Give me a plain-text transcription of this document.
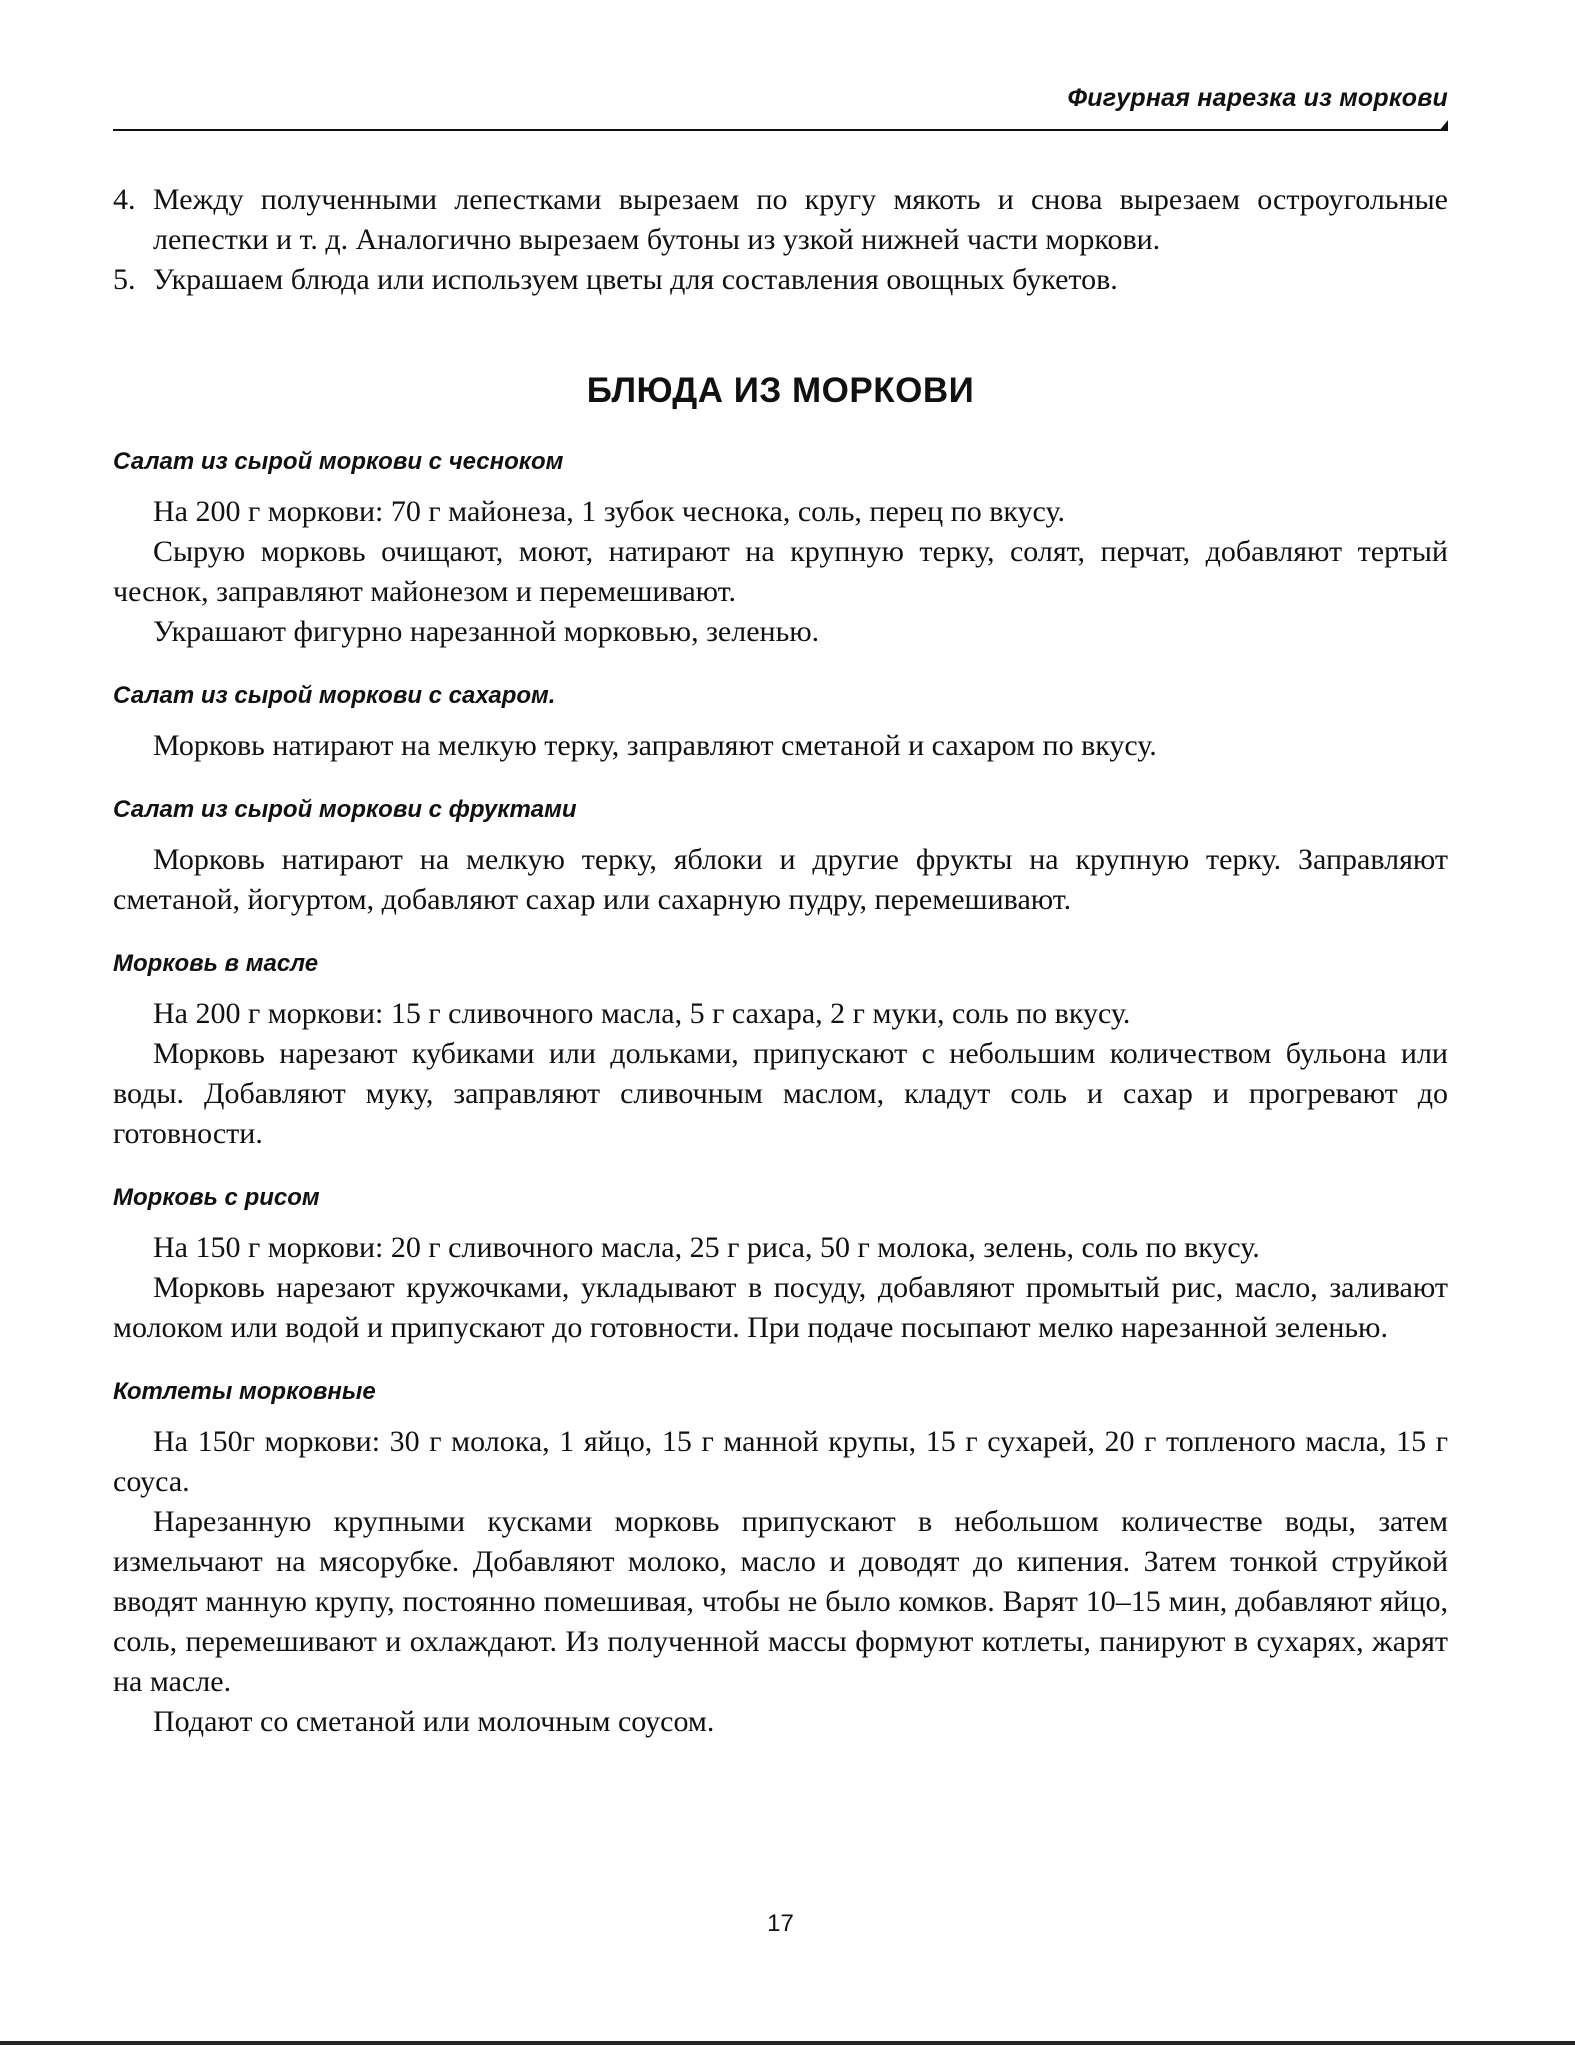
Фигурная нарезка из моркови
4. Между полученными лепестками вырезаем по кругу мякоть и снова вырезаем остроугольные лепестки и т. д. Аналогично вырезаем бутоны из узкой нижней части моркови.
5. Украшаем блюда или используем цветы для составления овощных букетов.
БЛЮДА ИЗ МОРКОВИ
Салат из сырой моркови с чесноком

На 200 г моркови: 70 г майонеза, 1 зубок чеснока, соль, перец по вкусу.

Сырую морковь очищают, моют, натирают на крупную терку, солят, перчат, добавляют тертый чеснок, заправляют майонезом и перемешивают.

Украшают фигурно нарезанной морковью, зеленью.

Салат из сырой моркови с сахаром.

Морковь натирают на мелкую терку, заправляют сметаной и сахаром по вкусу.

Салат из сырой моркови с фруктами

Морковь натирают на мелкую терку, яблоки и другие фрукты на крупную терку. Заправляют сметаной, йогуртом, добавляют сахар или сахарную пудру, перемешивают.

Морковь в масле

На 200 г моркови: 15 г сливочного масла, 5 г сахара, 2 г муки, соль по вкусу.

Морковь нарезают кубиками или дольками, припускают с небольшим количеством бульона или воды. Добавляют муку, заправляют сливочным маслом, кладут соль и сахар и прогревают до готовности.

Морковь с рисом

На 150 г моркови: 20 г сливочного масла, 25 г риса, 50 г молока, зелень, соль по вкусу.

Морковь нарезают кружочками, укладывают в посуду, добавляют промытый рис, масло, заливают молоком или водой и припускают до готовности. При подаче посыпают мелко нарезанной зеленью.

Котлеты морковные

На 150г моркови: 30 г молока, 1 яйцо, 15 г манной крупы, 15 г сухарей, 20 г топленого масла, 15 г соуса.

Нарезанную крупными кусками морковь припускают в небольшом количестве воды, затем измельчают на мясорубке. Добавляют молоко, масло и доводят до кипения. Затем тонкой струйкой вводят манную крупу, постоянно помешивая, чтобы не было комков. Варят 10–15 мин, добавляют яйцо, соль, перемешивают и охлаждают. Из полученной массы формуют котлеты, панируют в сухарях, жарят на масле.

Подают со сметаной или молочным соусом.

17
